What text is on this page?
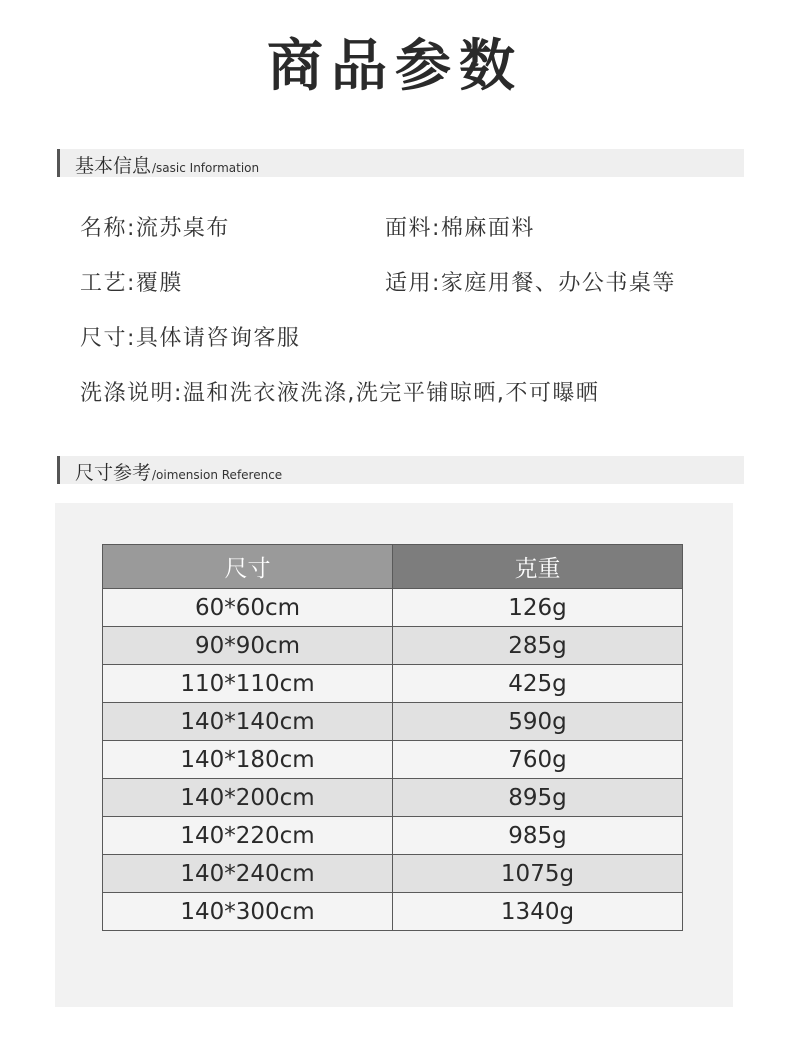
商品参数
基本信息/sasic Information
名称:流苏桌布	面料:棉麻面料
工艺:覆膜	适用:家庭用餐、办公书桌等
尺寸:具体请咨询客服
洗涤说明:温和洗衣液洗涤,洗完平铺晾晒,不可曝晒
尺寸参考/oimension Reference
尺寸	克重
60*60cm	126g
90*90cm	285g
110*110cm	425g
140*140cm	590g
140*180cm	760g
140*200cm	895g
140*220cm	985g
140*240cm	1075g
140*300cm	1340g
